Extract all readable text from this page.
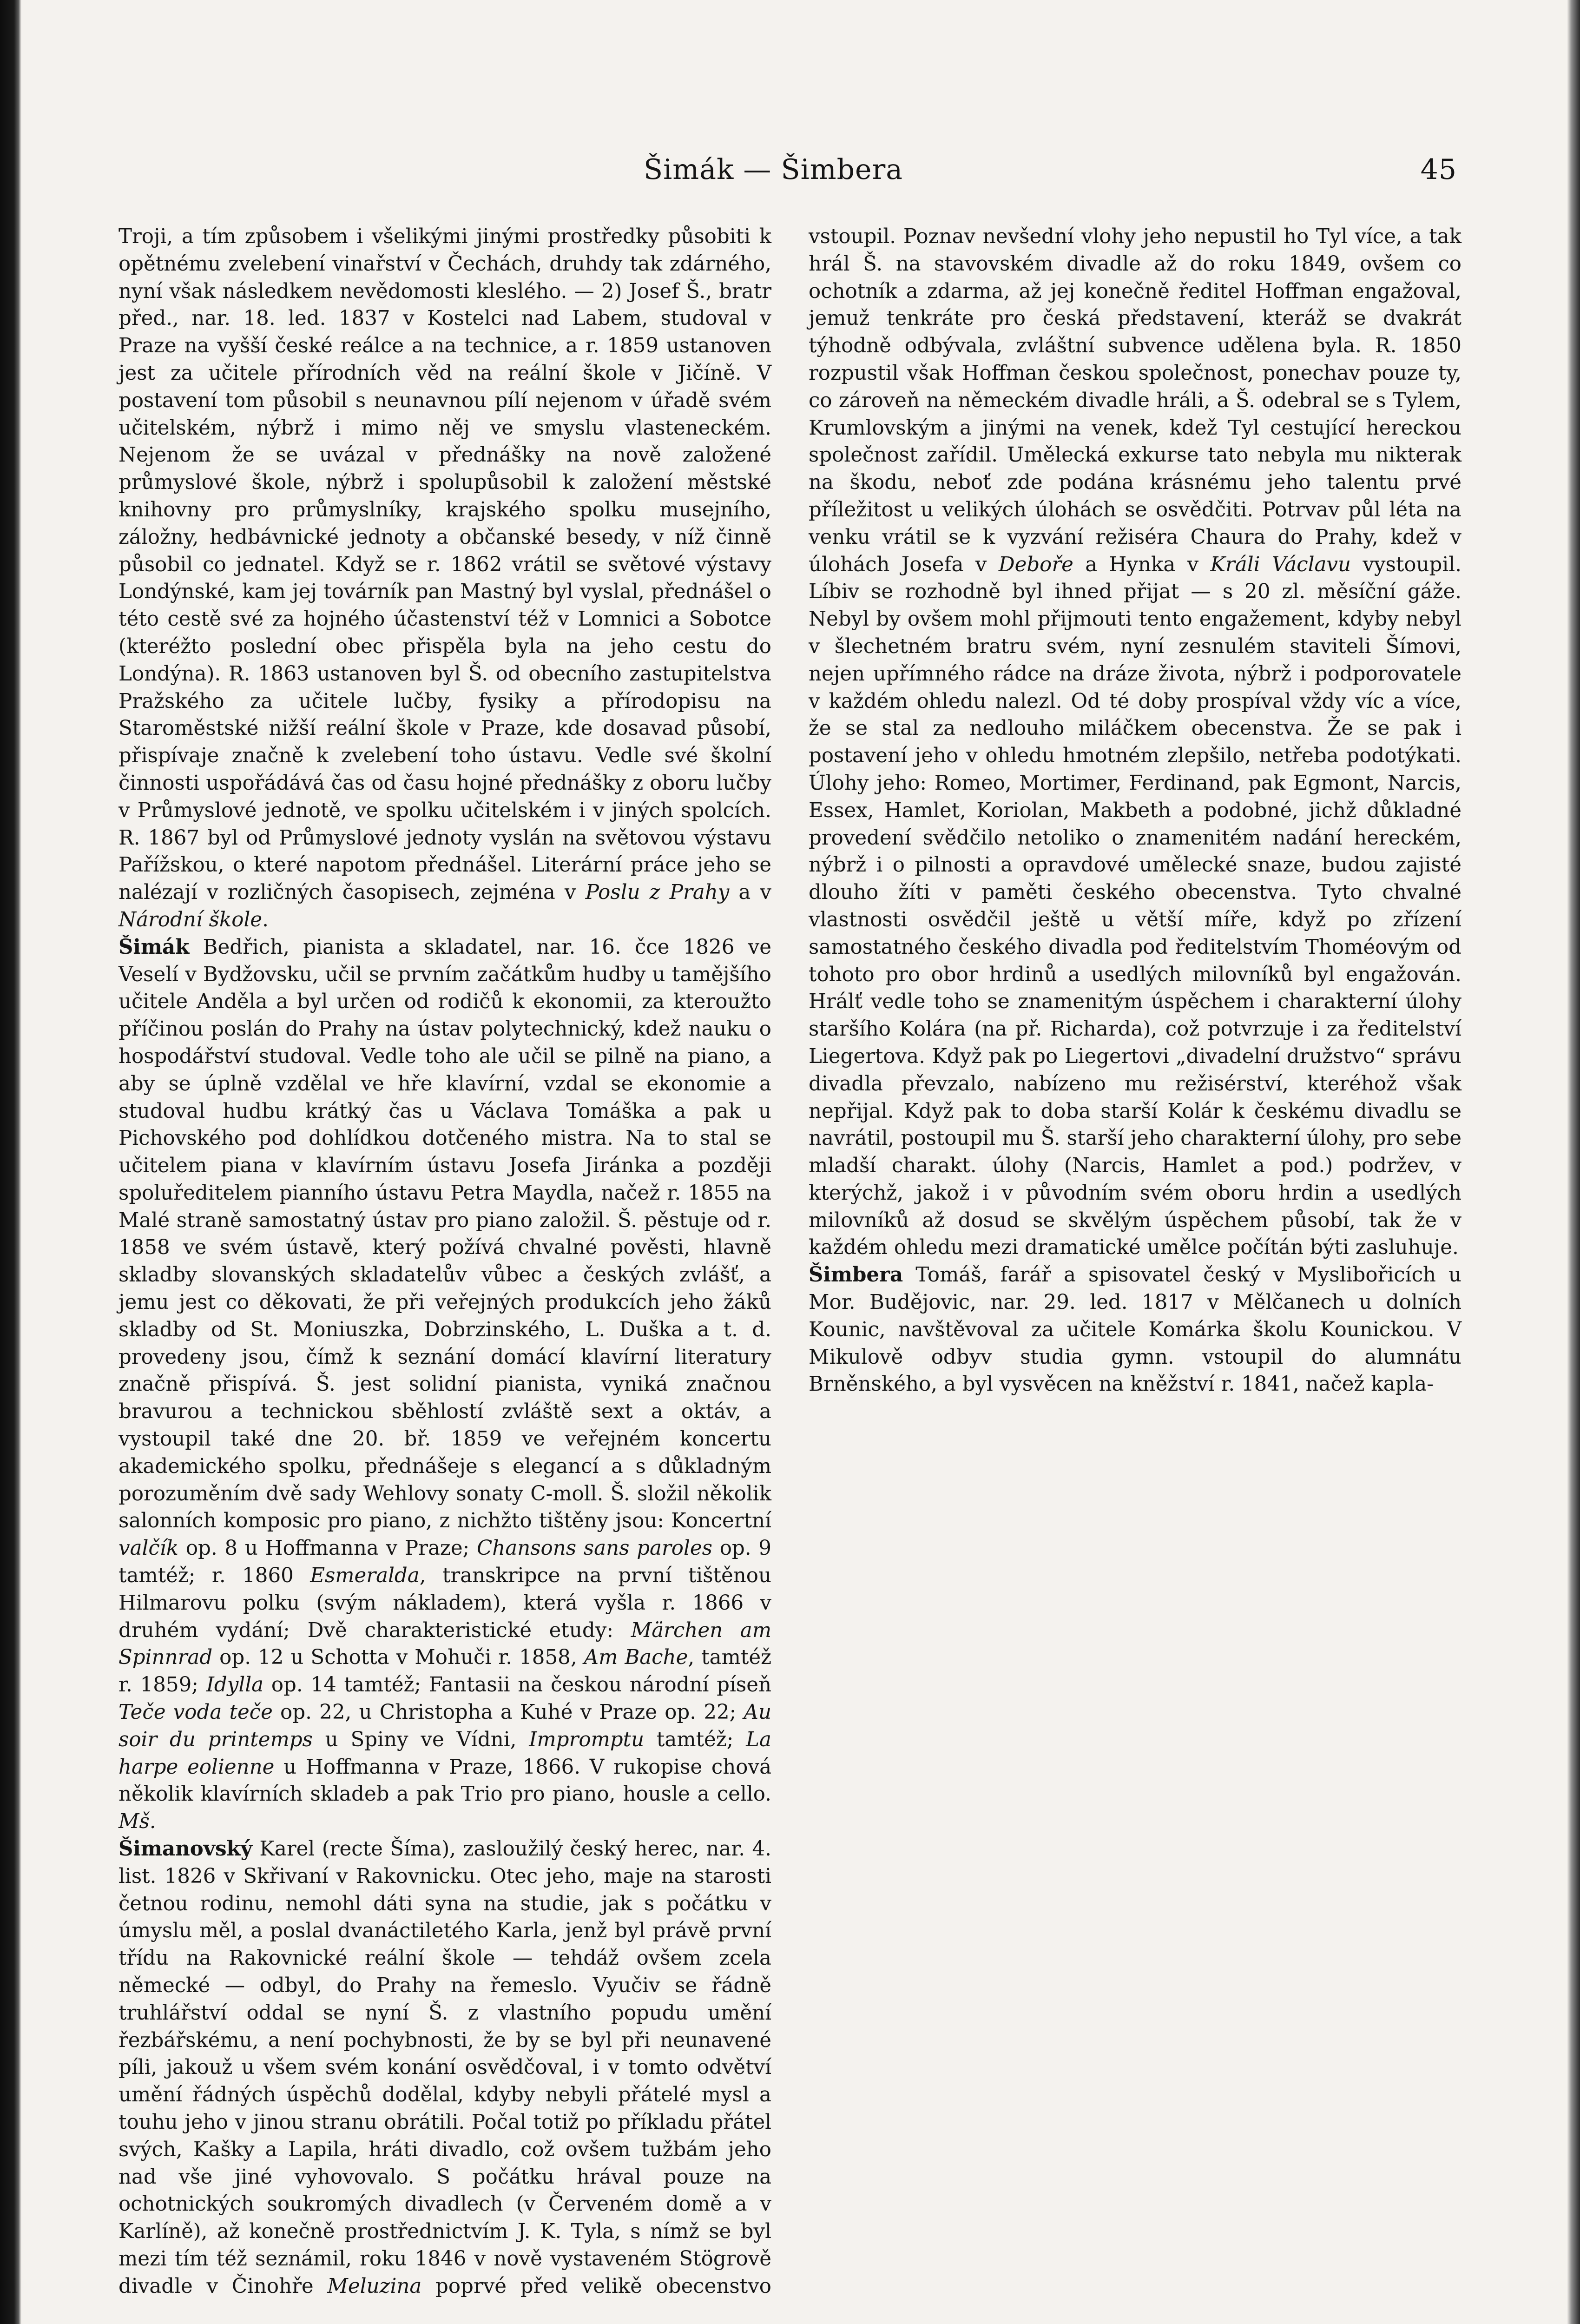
Šimák — Šimbera	45

Troji, a tím způsobem i všelikými jinými prostředky působiti k opětnému zvelebení vinařství v Čechách, druhdy tak zdárného, nyní však následkem nevědomosti kleslého. — 2) Josef Š., bratr před., nar. 18. led. 1837 v Kostelci nad Labem, studoval v Praze na vyšší české reálce a na technice, a r. 1859 ustanoven jest za učitele přírodních věd na reální škole v Jičíně. V postavení tom působil s neunavnou pílí nejenom v úřadě svém učitelském, nýbrž i mimo něj ve smyslu vlasteneckém. Nejenom že se uvázal v přednášky na nově založené průmyslové škole, nýbrž i spolupůsobil k založení městské knihovny pro průmyslníky, krajského spolku musejního, záložny, hedbávnické jednoty a občanské besedy, v níž činně působil co jednatel. Když se r. 1862 vrátil se světové výstavy Londýnské, kam jej továrník pan Mastný byl vyslal, přednášel o této cestě své za hojného účastenství též v Lomnici a Sobotce (kteréžto poslední obec přispěla byla na jeho cestu do Londýna). R. 1863 ustanoven byl Š. od obecního zastupitelstva Pražského za učitele lučby, fysiky a přírodopisu na Staroměstské nižší reální škole v Praze, kde dosavad působí, přispívaje značně k zvelebení toho ústavu. Vedle své školní činnosti uspořádává čas od času hojné přednášky z oboru lučby v Průmyslové jednotě, ve spolku učitelském i v jiných spolcích. R. 1867 byl od Průmyslové jednoty vyslán na světovou výstavu Pařížskou, o které napotom přednášel. Literární práce jeho se nalézají v rozličných časopisech, zejména v Poslu z Prahy a v Národní škole.

Šimák Bedřich, pianista a skladatel, nar. 16. čce 1826 ve Veselí v Bydžovsku, učil se prvním začátkům hudby u tamějšího učitele Anděla a byl určen od rodičů k ekonomii, za kteroužto příčinou poslán do Prahy na ústav polytechnický, kdež nauku o hospodářství studoval. Vedle toho ale učil se pilně na piano, a aby se úplně vzdělal ve hře klavírní, vzdal se ekonomie a studoval hudbu krátký čas u Václava Tomáška a pak u Pichovského pod dohlídkou dotčeného mistra. Na to stal se učitelem piana v klavírním ústavu Josefa Jiránka a později spoluředitelem pianního ústavu Petra Maydla, načež r. 1855 na Malé straně samostatný ústav pro piano založil. Š. pěstuje od r. 1858 ve svém ústavě, který požívá chvalné pověsti, hlavně skladby slovanských skladatelův vůbec a českých zvlášť, a jemu jest co děkovati, že při veřejných produkcích jeho žáků skladby od St. Moniuszka, Dobrzinského, L. Duška a t. d. provedeny jsou, čímž k seznání domácí klavírní literatury značně přispívá. Š. jest solidní pianista, vyniká značnou bravurou a technickou sběhlostí zvláště sext a oktáv, a vystoupil také dne 20. bř. 1859 ve veřejném koncertu akademického spolku, přednášeje s elegancí a s důkladným porozuměním dvě sady Wehlovy sonaty C-moll. Š. složil několik salonních komposic pro piano, z nichžto tištěny jsou: Koncertní valčík op. 8 u Hoffmanna v Praze; Chansons sans paroles op. 9 tamtéž; r. 1860 Esmeralda, transkripce na první tištěnou Hilmarovu polku (svým nákladem), která vyšla r. 1866 v druhém vydání; Dvě charakteristické etudy: Märchen am Spinnrad op. 12 u Schotta v Mohuči r. 1858, Am Bache, tamtéž r. 1859; Idylla op. 14 tamtéž; Fantasii na českou národní píseň Teče voda teče op. 22, u Christopha a Kuhé v Praze op. 22; Au soir du printemps u Spiny ve Vídni, Impromptu tamtéž; La harpe eolienne u Hoffmanna v Praze, 1866. V rukopise chová několik klavírních skladeb a pak Trio pro piano, housle a cello. Mš.

Šimanovský Karel (recte Šíma), zasloužilý český herec, nar. 4. list. 1826 v Skřivaní v Rakovnicku. Otec jeho, maje na starosti četnou rodinu, nemohl dáti syna na studie, jak s počátku v úmyslu měl, a poslal dvanáctiletého Karla, jenž byl právě první třídu na Rakovnické reální škole — tehdáž ovšem zcela německé — odbyl, do Prahy na řemeslo. Vyučiv se řádně truhlářství oddal se nyní Š. z vlastního popudu umění řezbářskému, a není pochybnosti, že by se byl při neunavené píli, jakouž u všem svém konání osvědčoval, i v tomto odvětví umění řádných úspěchů dodělal, kdyby nebyli přátelé mysl a touhu jeho v jinou stranu obrátili. Počal totiž po příkladu přátel svých, Kašky a Lapila, hráti divadlo, což ovšem tužbám jeho nad vše jiné vyhovovalo. S počátku hrával pouze na ochotnických soukromých divadlech (v Červeném domě a v Karlíně), až konečně prostřednictvím J. K. Tyla, s nímž se byl mezi tím též seznámil, roku 1846 v nově vystaveném Stögrově divadle v Činohře Meluzina poprvé před velikě obecenstvo vstoupil. Poznav nevšední vlohy jeho nepustil ho Tyl více, a tak hrál Š. na stavovském divadle až do roku 1849, ovšem co ochotník a zdarma, až jej konečně ředitel Hoffman engažoval, jemuž tenkráte pro česká představení, kteráž se dvakrát týhodně odbývala, zvláštní subvence udělena byla. R. 1850 rozpustil však Hoffman českou společnost, ponechav pouze ty, co zároveň na německém divadle hráli, a Š. odebral se s Tylem, Krumlovským a jinými na venek, kdež Tyl cestující hereckou společnost zařídil. Umělecká exkurse tato nebyla mu nikterak na škodu, neboť zde podána krásnému jeho talentu prvé příležitost u velikých úlohách se osvědčiti. Potrvav půl léta na venku vrátil se k vyzvání režiséra Chaura do Prahy, kdež v úlohách Josefa v Deboře a Hynka v Králi Václavu vystoupil. Líbiv se rozhodně byl ihned přijat — s 20 zl. měsíční gáže. Nebyl by ovšem mohl přijmouti tento engažement, kdyby nebyl v šlechetném bratru svém, nyní zesnulém staviteli Šímovi, nejen upřímného rádce na dráze života, nýbrž i podporovatele v každém ohledu nalezl. Od té doby prospíval vždy víc a více, že se stal za nedlouho miláčkem obecenstva. Že se pak i postavení jeho v ohledu hmotném zlepšilo, netřeba podotýkati. Úlohy jeho: Romeo, Mortimer, Ferdinand, pak Egmont, Narcis, Essex, Hamlet, Koriolan, Makbeth a podobné, jichž důkladné provedení svědčilo netoliko o znamenitém nadání hereckém, nýbrž i o pilnosti a opravdové umělecké snaze, budou zajisté dlouho žíti v paměti českého obecenstva. Tyto chvalné vlastnosti osvědčil ještě u větší míře, když po zřízení samostatného českého divadla pod ředitelstvím Thoméovým od tohoto pro obor hrdinů a usedlých milovníků byl engažován. Hrálť vedle toho se znamenitým úspěchem i charakterní úlohy staršího Kolára (na př. Richarda), což potvrzuje i za ředitelství Liegertova. Když pak po Liegertovi „divadelní družstvo“ správu divadla převzalo, nabízeno mu režisérství, kteréhož však nepřijal. Když pak to doba starší Kolár k českému divadlu se navrátil, postoupil mu Š. starší jeho charakterní úlohy, pro sebe mladší charakt. úlohy (Narcis, Hamlet a pod.) podržev, v kterýchž, jakož i v původním svém oboru hrdin a usedlých milovníků až dosud se skvělým úspěchem působí, tak že v každém ohledu mezi dramatické umělce počítán býti zasluhuje.

Šimbera Tomáš, farář a spisovatel český v Myslibořicích u Mor. Budějovic, nar. 29. led. 1817 v Mělčanech u dolních Kounic, navštěvoval za učitele Komárka školu Kounickou. V Mikulově odbyv studia gymn. vstoupil do alumnátu Brněnského, a byl vysvěcen na kněžství r. 1841, načež kapla-
